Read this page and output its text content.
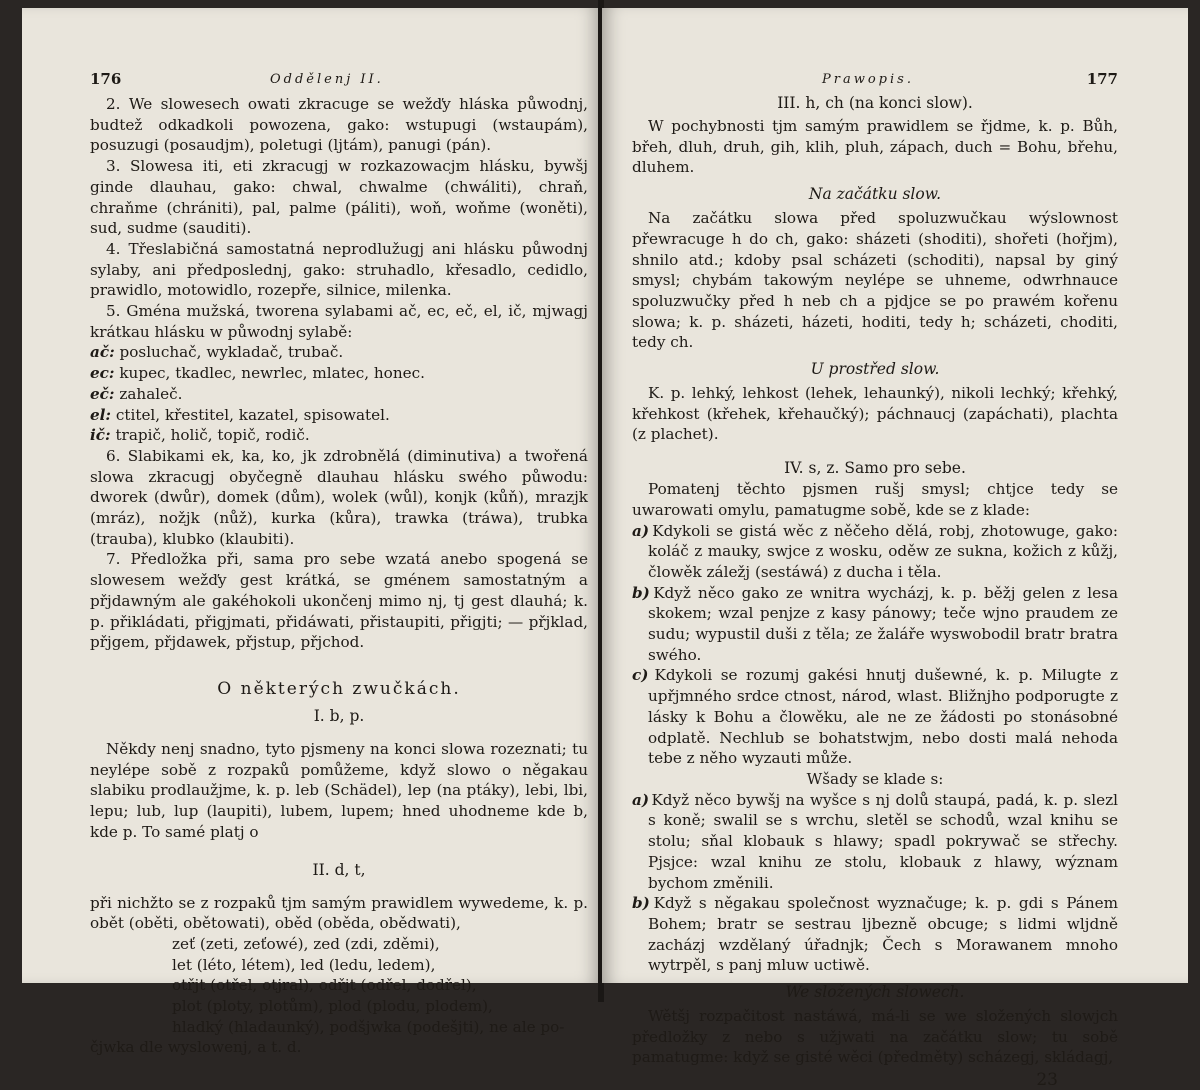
176	Oddělenj II.

2. We slowesech owati zkracuge se wežďy hláska půwodnj, budtež odkadkoli powozena, gako: wstupugi (wstaupám), posuzugi (posaudjm), poletugi (ljtám), panugi (pán).

3. Slowesa iti, eti zkracugj w rozkazowacjm hlásku, bywšj ginde dlauhau, gako: chwal, chwalme (chwáliti), chraň, chraňme (chrániti), pal, palme (páliti), woň, woňme (woněti), sud, sudme (sauditi).

4. Třeslabičná samostatná neprodlužugj ani hlásku půwodnj sylaby, ani předposlednj, gako: struhadlo, křesadlo, cedidlo, prawidlo, motowidlo, rozepře, silnice, milenka.

5. Gména mužská, tworena sylabami ač, ec, eč, el, ič, mjwagj krátkau hlásku w půwodnj sylabě:

ač: posluchač, wykladač, trubač.

ec: kupec, tkadlec, newrlec, mlatec, honec.

eč: zahaleč.

el: ctitel, křestitel, kazatel, spisowatel.

ič: trapič, holič, topič, rodič.

6. Slabikami ek, ka, ko, jk zdrobnělá (diminutiva) a twořená slowa zkracugj obyčegně dlauhau hlásku swého půwodu: dworek (dwůr), domek (dům), wolek (wůl), konjk (kůň), mrazjk (mráz), nožjk (nůž), kurka (kůra), trawka (tráwa), trubka (trauba), klubko (klaubiti).

7. Předložka při, sama pro sebe wzatá anebo spogená se slowesem wežďy gest krátká, se gménem samostatným a přjdawným ale gakéhokoli ukončenj mimo nj, tj gest dlauhá; k. p. přikládati, přigjmati, přidáwati, přistaupiti, přigjti; — přjklad, přjgem, přjdawek, přjstup, přjchod.

O některých zwučkách.
I. b, p.

Někdy nenj snadno, tyto pjsmeny na konci slowa rozeznati; tu neylépe sobě z rozpaků pomůžeme, když slowo o něgakau slabiku prodlaužjme, k. p. leb (Schädel), lep (na ptáky), lebi, lbi, lepu; lub, lup (laupiti), lubem, lupem; hned uhodneme kde b, kde p. To samé platj o

II. d, t,

při nichžto se z rozpaků tjm samým prawidlem wywedeme, k. p. obět (oběti, obětowati), oběd (oběda, obědwati),

zeť (zeti, zeťowé), zed (zdi, zděmi),

let (léto, létem), led (ledu, ledem),

otřjt (otřel, otjral), odřjt (odřel, dodřel),

plot (ploty, plotům), plod (plodu, plodem),

hladký (hladaunký), podšjwka (podešjti), ne ale po-

čjwka dle wyslowenj, a t. d.

Prawopis.	177
III. h, ch (na konci slow).

W pochybnosti tjm samým prawidlem se řjdme, k. p. Bůh, břeh, dluh, druh, gih, klih, pluh, zápach, duch = Bohu, břehu, dluhem.

Na začátku slow.

Na začátku slowa před spoluzwučkau wýslownost přewracuge h do ch, gako: sházeti (shoditi), shořeti (hořjm), shnilo atd.; kdoby psal scházeti (schoditi), napsal by giný smysl; chybám takowým neylépe se uhneme, odwrhnauce spoluzwučky před h neb ch a pjdjce se po prawém kořenu slowa; k. p. sházeti, házeti, hoditi, tedy h; scházeti, choditi, tedy ch.

U prostřed slow.

K. p. lehký, lehkost (lehek, lehaunký), nikoli lechký; křehký, křehkost (křehek, křehaučký); páchnaucj (zapáchati), plachta (z plachet).

IV. s, z. Samo pro sebe.

Pomatenj těchto pjsmen rušj smysl; chtjce tedy se uwarowati omylu, pamatugme sobě, kde se z klade:

a) Kdykoli se gistá wěc z něčeho dělá, robj, zhotowuge, gako: koláč z mauky, swjce z wosku, oděw ze sukna, kožich z kůžj, člowěk záležj (sestáwá) z ducha i těla.

b) Když něco gako ze wnitra wycházj, k. p. běžj gelen z lesa skokem; wzal penjze z kasy pánowy; teče wjno praudem ze sudu; wypustil duši z těla; ze žaláře wyswobodil bratr bratra swého.

c) Kdykoli se rozumj gakési hnutj dušewné, k. p. Milugte z upřjmného srdce ctnost, národ, wlast. Bližnjho podporugte z lásky k Bohu a člowěku, ale ne ze žádosti po stonásobné odplatě. Nechlub se bohatstwjm, nebo dosti malá nehoda tebe z něho wyzauti může.

Wšady se klade s:

a) Když něco bywšj na wyšce s nj dolů staupá, padá, k. p. slezl s koně; swalil se s wrchu, sletěl se schodů, wzal knihu se stolu; sňal klobauk s hlawy; spadl pokrywač se střechy. Pjsjce: wzal knihu ze stolu, klobauk z hlawy, wýznam bychom změnili.

b) Když s něgakau společnost wyznačuge; k. p. gdi s Pánem Bohem; bratr se sestrau ljbezně obcuge; s lidmi wljdně zacházj wzdělaný úřadnjk; Čech s Morawanem mnoho wytrpěl, s panj mluw uctiwě.

We složených slowech.

Wětšj rozpačitost nastáwá, má-li se we složených slowjch předložky z nebo s užjwati na začátku slow; tu sobě pamatugme: když se gisté wěci (předměty) scházegj, skládagj,

23
